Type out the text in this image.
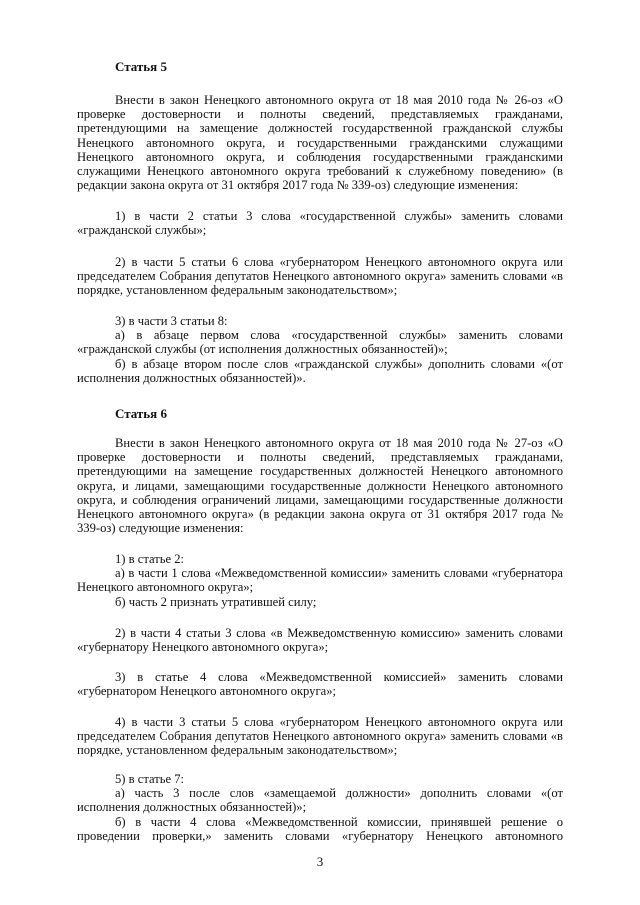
Статья 5

Внести в закон Ненецкого автономного округа от 18 мая 2010 года № 26-оз «О проверке достоверности и полноты сведений, представляемых гражданами, претендующими на замещение должностей государственной гражданской службы Ненецкого автономного округа, и государственными гражданскими служащими Ненецкого автономного округа, и соблюдения государственными гражданскими служащими Ненецкого автономного округа требований к служебному поведению» (в редакции закона округа от 31 октября 2017 года № 339-оз) следующие изменения:

1) в части 2 статьи 3 слова «государственной службы» заменить словами «гражданской службы»;

2) в части 5 статьи 6 слова «губернатором Ненецкого автономного округа или председателем Собрания депутатов Ненецкого автономного округа» заменить словами «в порядке, установленном федеральным законодательством»;

3) в части 3 статьи 8:

а) в абзаце первом слова «государственной службы» заменить словами «гражданской службы (от исполнения должностных обязанностей)»;

б) в абзаце втором после слов «гражданской службы» дополнить словами «(от исполнения должностных обязанностей)».

Статья 6

Внести в закон Ненецкого автономного округа от 18 мая 2010 года № 27-оз «О проверке достоверности и полноты сведений, представляемых гражданами, претендующими на замещение государственных должностей Ненецкого автономного округа, и лицами, замещающими государственные должности Ненецкого автономного округа, и соблюдения ограничений лицами, замещающими государственные должности Ненецкого автономного округа» (в редакции закона округа от 31 октября 2017 года № 339-оз) следующие изменения:

1) в статье 2:

а) в части 1 слова «Межведомственной комиссии» заменить словами «губернатора Ненецкого автономного округа»;

б) часть 2 признать утратившей силу;

2) в части 4 статьи 3 слова «в Межведомственную комиссию» заменить словами «губернатору Ненецкого автономного округа»;

3) в статье 4 слова «Межведомственной комиссией» заменить словами «губернатором Ненецкого автономного округа»;

4) в части 3 статьи 5 слова «губернатором Ненецкого автономного округа или председателем Собрания депутатов Ненецкого автономного округа» заменить словами «в порядке, установленном федеральным законодательством»;

5) в статье 7:

а) часть 3 после слов «замещаемой должности» дополнить словами «(от исполнения должностных обязанностей)»;

б) в части 4 слова «Межведомственной комиссии, принявшей решение о проведении проверки,» заменить словами «губернатору Ненецкого автономного

3
